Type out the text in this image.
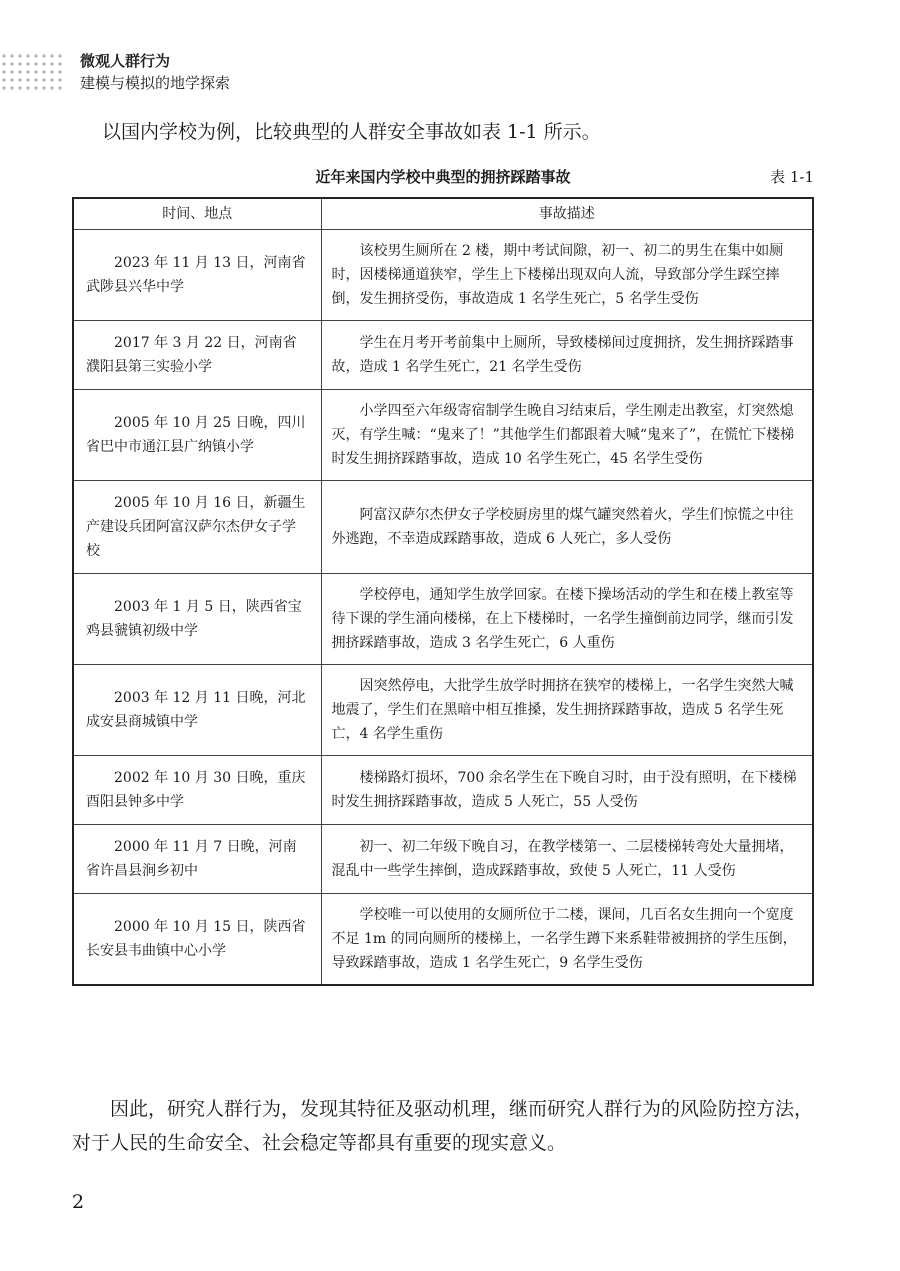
微观人群行为
建模与模拟的地学探索
以国内学校为例，比较典型的人群安全事故如表 1-1 所示。
近年来国内学校中典型的拥挤踩踏事故	表 1-1
时间、地点	事故描述
2023 年 11 月 13 日，河南省武陟县兴华中学	该校男生厕所在 2 楼，期中考试间隙，初一、初二的男生在集中如厕时，因楼梯通道狭窄，学生上下楼梯出现双向人流，导致部分学生踩空摔倒，发生拥挤受伤，事故造成 1 名学生死亡，5 名学生受伤
2017 年 3 月 22 日，河南省濮阳县第三实验小学	学生在月考开考前集中上厕所，导致楼梯间过度拥挤，发生拥挤踩踏事故，造成 1 名学生死亡，21 名学生受伤
2005 年 10 月 25 日晚，四川省巴中市通江县广纳镇小学	小学四至六年级寄宿制学生晚自习结束后，学生刚走出教室，灯突然熄灭，有学生喊：“鬼来了！”其他学生们都跟着大喊“鬼来了”，在慌忙下楼梯时发生拥挤踩踏事故，造成 10 名学生死亡，45 名学生受伤
2005 年 10 月 16 日，新疆生产建设兵团阿富汉萨尔杰伊女子学校	阿富汉萨尔杰伊女子学校厨房里的煤气罐突然着火，学生们惊慌之中往外逃跑，不幸造成踩踏事故，造成 6 人死亡，多人受伤
2003 年 1 月 5 日，陕西省宝鸡县虢镇初级中学	学校停电，通知学生放学回家。在楼下操场活动的学生和在楼上教室等待下课的学生涌向楼梯，在上下楼梯时，一名学生撞倒前边同学，继而引发拥挤踩踏事故，造成 3 名学生死亡，6 人重伤
2003 年 12 月 11 日晚，河北成安县商城镇中学	因突然停电，大批学生放学时拥挤在狭窄的楼梯上，一名学生突然大喊地震了，学生们在黑暗中相互推搡，发生拥挤踩踏事故，造成 5 名学生死亡，4 名学生重伤
2002 年 10 月 30 日晚，重庆酉阳县钟多中学	楼梯路灯损坏，700 余名学生在下晚自习时，由于没有照明，在下楼梯时发生拥挤踩踏事故，造成 5 人死亡，55 人受伤
2000 年 11 月 7 日晚，河南省许昌县涧乡初中	初一、初二年级下晚自习，在教学楼第一、二层楼梯转弯处大量拥堵，混乱中一些学生摔倒，造成踩踏事故，致使 5 人死亡，11 人受伤
2000 年 10 月 15 日，陕西省长安县韦曲镇中心小学	学校唯一可以使用的女厕所位于二楼，课间，几百名女生拥向一个宽度不足 1m 的同向厕所的楼梯上，一名学生蹲下来系鞋带被拥挤的学生压倒，导致踩踏事故，造成 1 名学生死亡，9 名学生受伤
因此，研究人群行为，发现其特征及驱动机理，继而研究人群行为的风险防控方法，对于人民的生命安全、社会稳定等都具有重要的现实意义。
2
